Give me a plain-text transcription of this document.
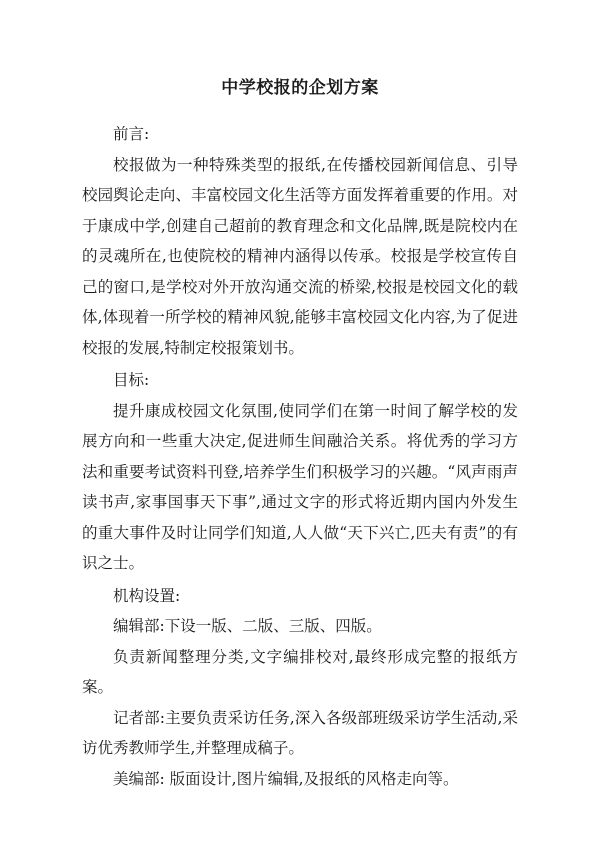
中学校报的企划方案

前言:

校报做为一种特殊类型的报纸,在传播校园新闻信息、引导校园舆论走向、丰富校园文化生活等方面发挥着重要的作用。对于康成中学,创建自己超前的教育理念和文化品牌,既是院校内在的灵魂所在,也使院校的精神内涵得以传承。校报是学校宣传自己的窗口,是学校对外开放沟通交流的桥梁,校报是校园文化的载体,体现着一所学校的精神风貌,能够丰富校园文化内容,为了促进校报的发展,特制定校报策划书。

目标:

提升康成校园文化氛围,使同学们在第一时间了解学校的发展方向和一些重大决定,促进师生间融洽关系。将优秀的学习方法和重要考试资料刊登,培养学生们积极学习的兴趣。“风声雨声读书声,家事国事天下事”,通过文字的形式将近期内国内外发生的重大事件及时让同学们知道,人人做“天下兴亡,匹夫有责”的有识之士。

机构设置:

编辑部:下设一版、二版、三版、四版。

负责新闻整理分类,文字编排校对,最终形成完整的报纸方案。

记者部:主要负责采访任务,深入各级部班级采访学生活动,采访优秀教师学生,并整理成稿子。

美编部: 版面设计,图片编辑,及报纸的风格走向等。
